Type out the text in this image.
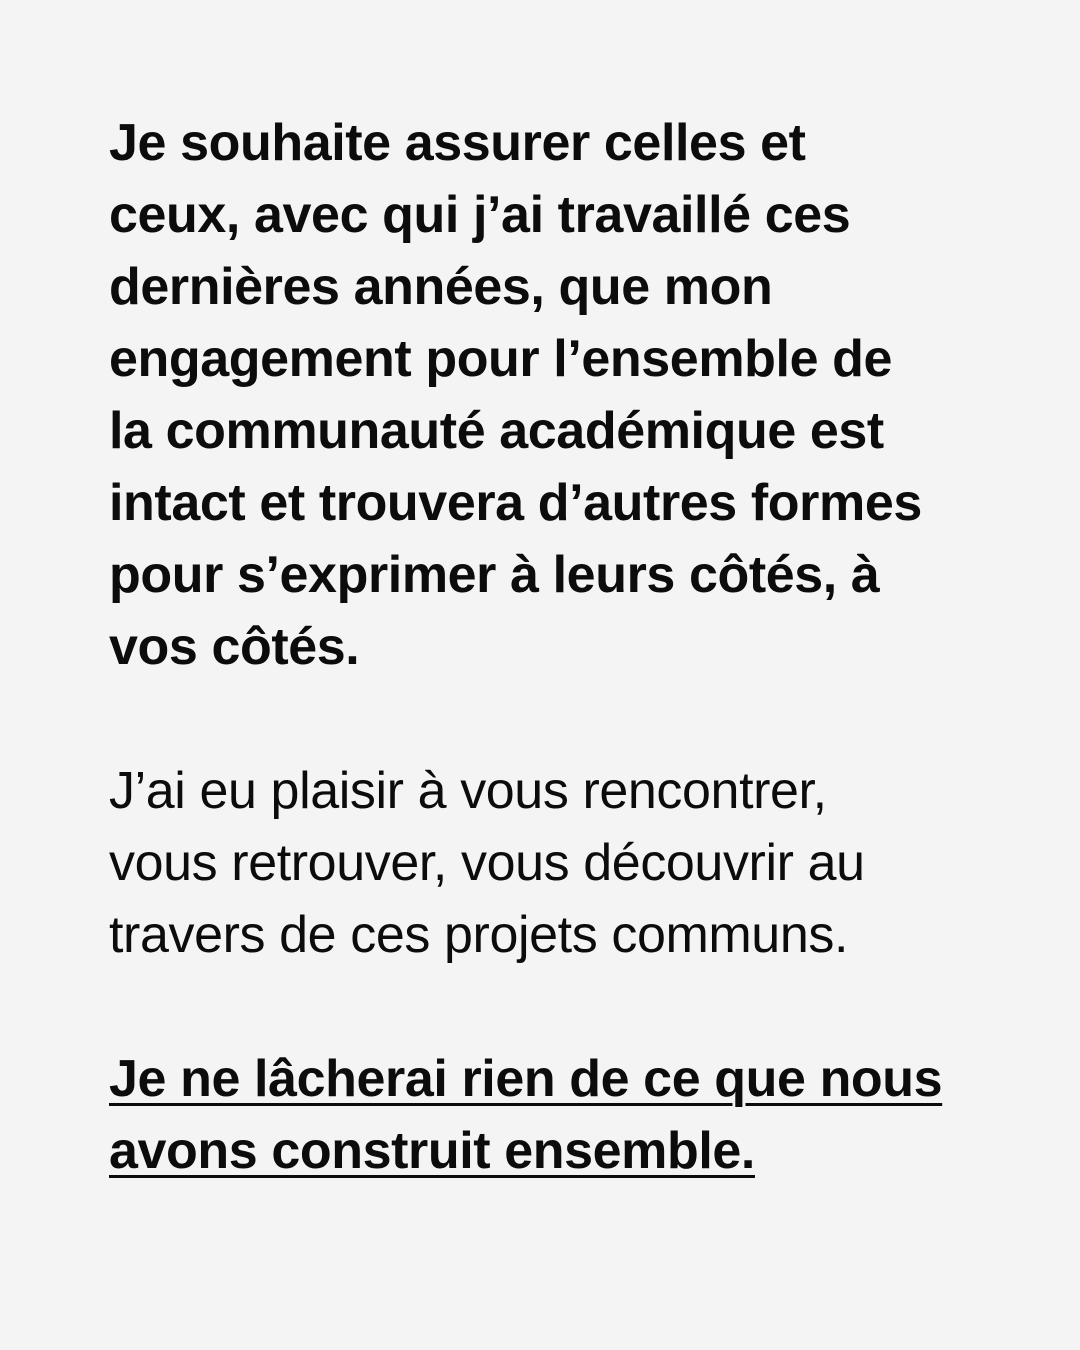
Je souhaite assurer celles et
ceux, avec qui j’ai travaillé ces
dernières années, que mon
engagement pour l’ensemble de
la communauté académique est
intact et trouvera d’autres formes
pour s’exprimer à leurs côtés, à
vos côtés.

J’ai eu plaisir à vous rencontrer,
vous retrouver, vous découvrir au
travers de ces projets communs.

Je ne lâcherai rien de ce que nous
avons construit ensemble.
